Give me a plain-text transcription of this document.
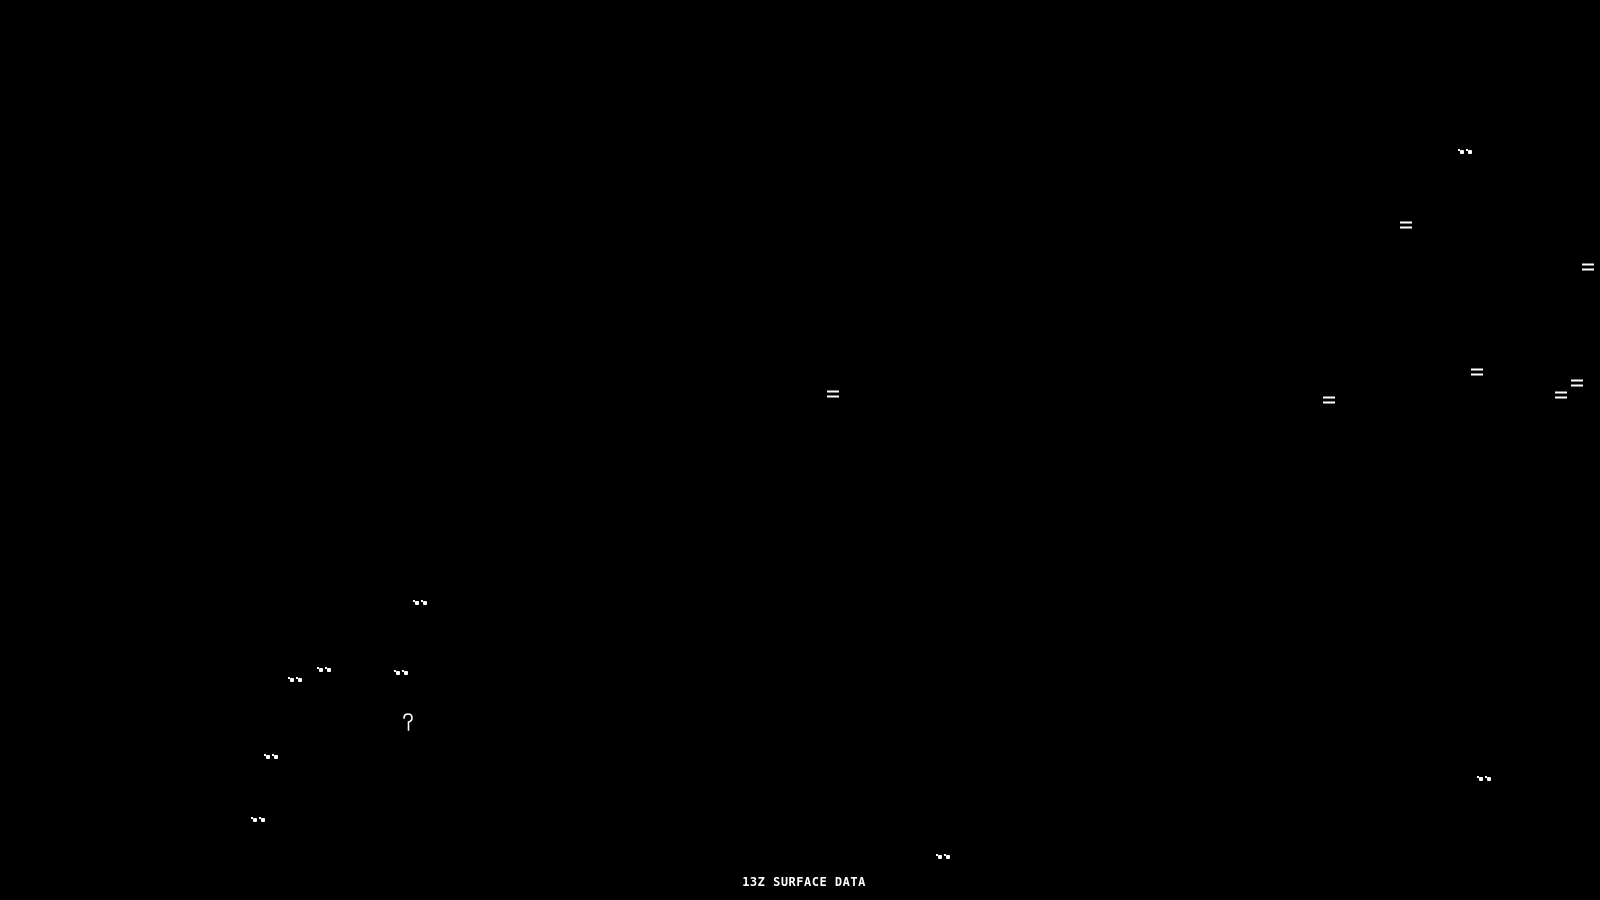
13Z SURFACE DATA
